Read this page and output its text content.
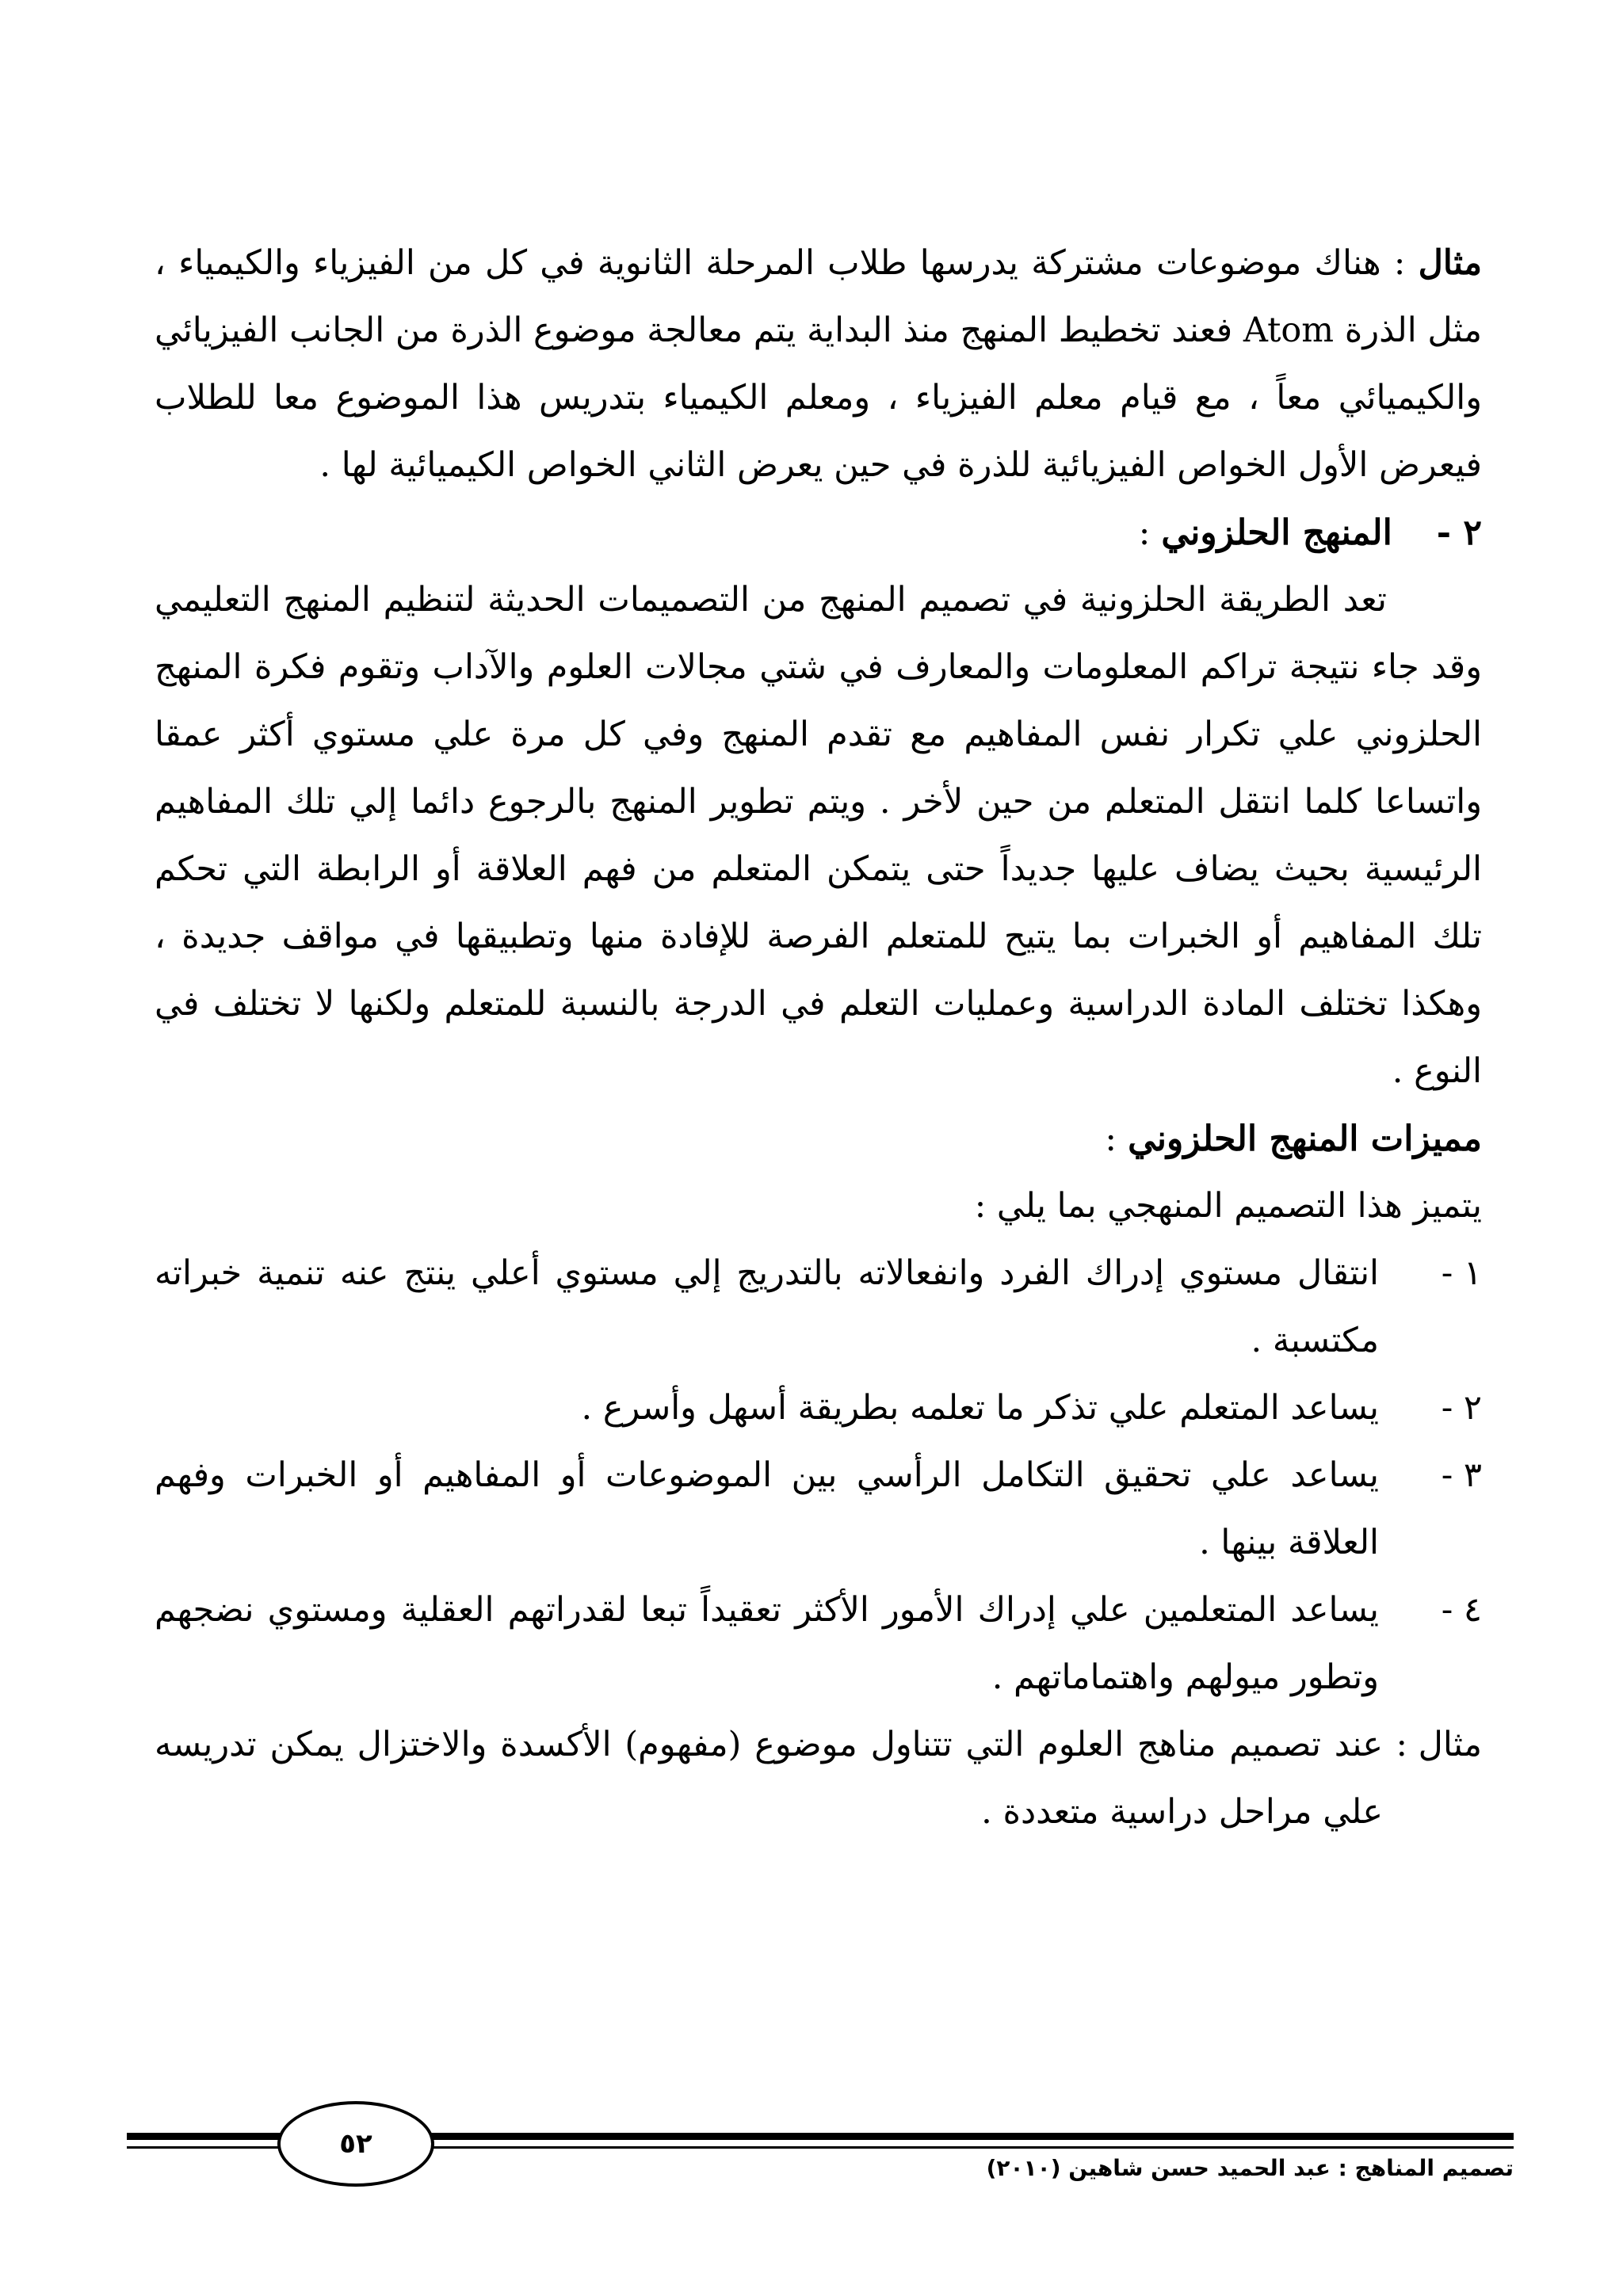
مثال : هناك موضوعات مشتركة يدرسها طلاب المرحلة الثانوية في كل من الفيزياء والكيمياء ، مثل الذرة Atom فعند تخطيط المنهج منذ البداية يتم معالجة موضوع الذرة من الجانب الفيزيائي والكيميائي معاً ، مع قيام معلم الفيزياء ، ومعلم الكيمياء بتدريس هذا الموضوع معا للطلاب فيعرض الأول الخواص الفيزيائية للذرة في حين يعرض الثاني الخواص الكيميائية لها .

٢ -    المنهج الحلزوني :

تعد الطريقة الحلزونية في تصميم المنهج من التصميمات الحديثة لتنظيم المنهج التعليمي وقد جاء نتيجة تراكم المعلومات والمعارف في شتي مجالات العلوم والآداب وتقوم فكرة المنهج الحلزوني علي تكرار نفس المفاهيم مع تقدم المنهج وفي كل مرة علي مستوي أكثر عمقا واتساعا كلما انتقل المتعلم من حين لأخر . ويتم تطوير المنهج بالرجوع دائما إلي تلك المفاهيم الرئيسية بحيث يضاف عليها جديداً حتى يتمكن المتعلم من فهم العلاقة أو الرابطة التي تحكم تلك المفاهيم أو الخبرات بما يتيح للمتعلم الفرصة للإفادة منها وتطبيقها في مواقف جديدة ، وهكذا تختلف المادة الدراسية وعمليات التعلم في الدرجة بالنسبة للمتعلم ولكنها لا تختلف في النوع .

مميزات المنهج الحلزوني :

يتميز هذا التصميم المنهجي بما يلي :

١ -
انتقال مستوي إدراك الفرد وانفعالاته بالتدريج إلي مستوي أعلي ينتج عنه تنمية خبراته مكتسبة .
٢ -
يساعد المتعلم علي تذكر ما تعلمه بطريقة أسهل وأسرع .
٣ -
يساعد علي تحقيق التكامل الرأسي بين الموضوعات أو المفاهيم أو الخبرات وفهم العلاقة بينها .
٤ -
يساعد المتعلمين علي إدراك الأمور الأكثر تعقيداً تبعا لقدراتهم العقلية ومستوي نضجهم وتطور ميولهم واهتماماتهم .
مثال :
عند تصميم مناهج العلوم التي تتناول موضوع (مفهوم) الأكسدة والاختزال يمكن تدريسه علي مراحل دراسية متعددة .
٥٢
تصميم المناهج : عبد الحميد حسن شاهين (٢٠١٠)
